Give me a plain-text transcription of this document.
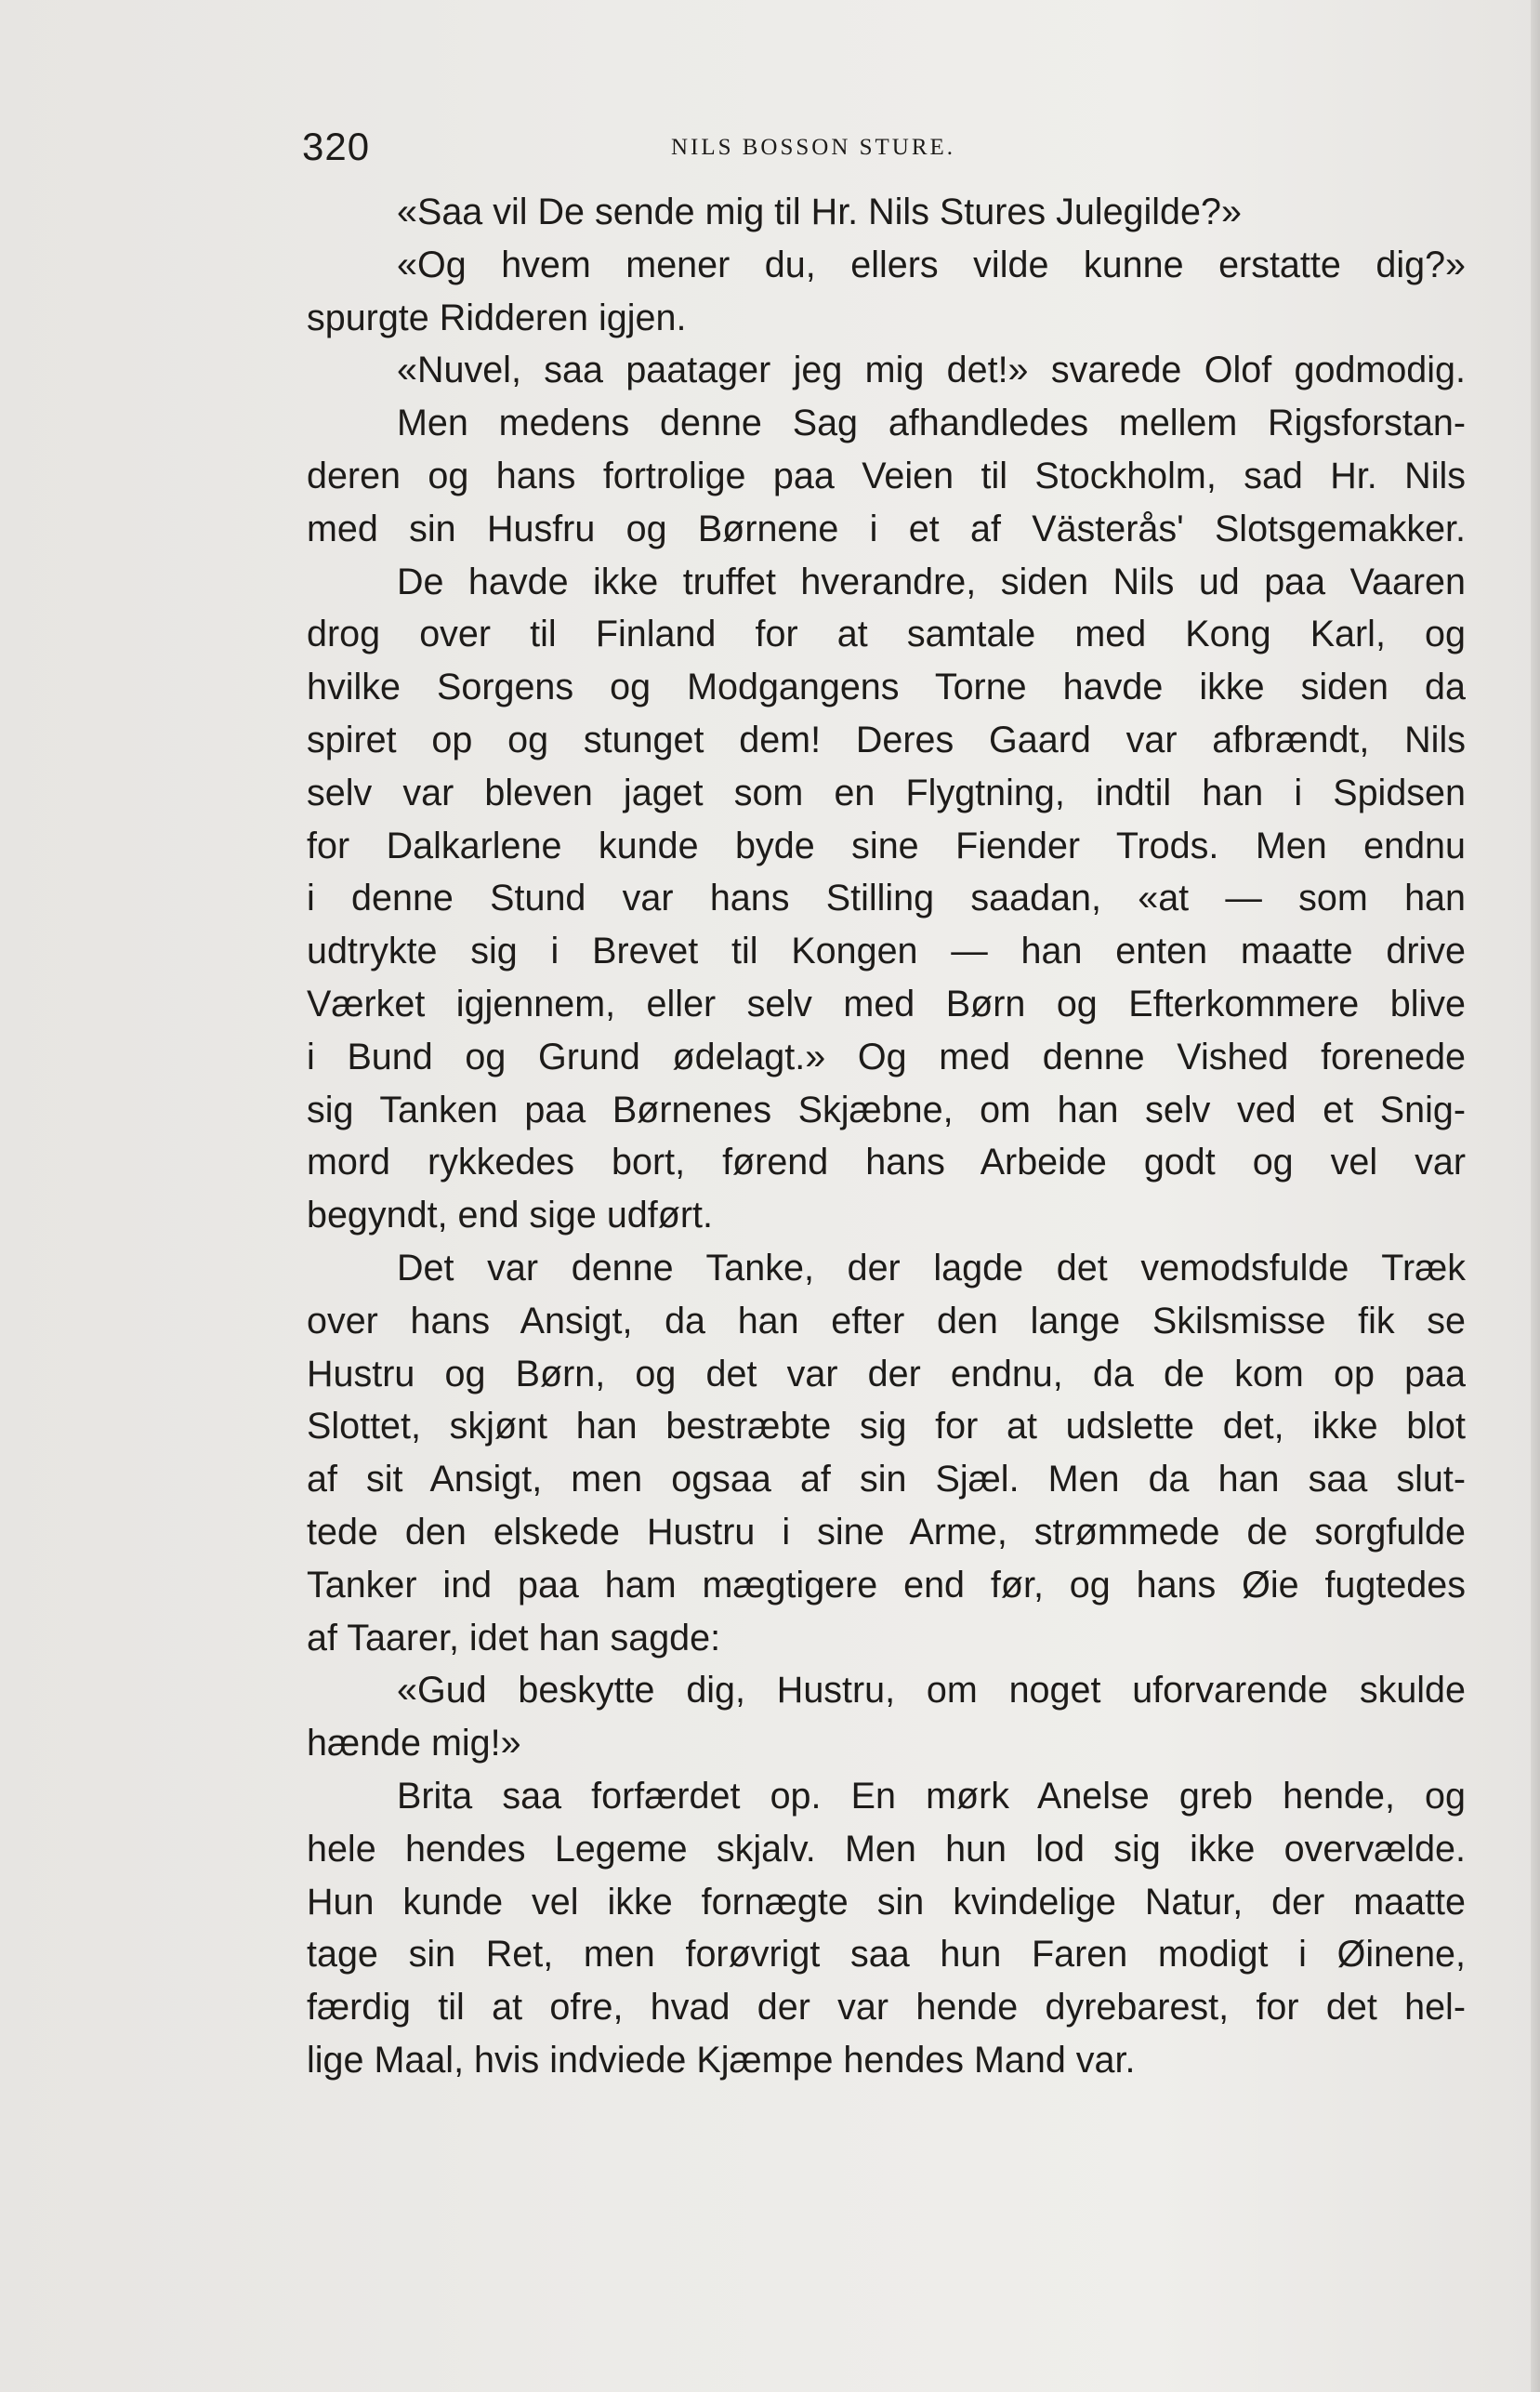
320	NILS BOSSON STURE.
«Saa vil De sende mig til Hr. Nils Stures Julegilde?»
«Og hvem mener du, ellers vilde kunne erstatte dig?»
spurgte Ridderen igjen.
«Nuvel, saa paatager jeg mig det!» svarede Olof godmodig.
Men medens denne Sag afhandledes mellem Rigsforstan-
deren og hans fortrolige paa Veien til Stockholm, sad Hr. Nils
med sin Husfru og Børnene i et af Västerås' Slotsgemakker.
De havde ikke truffet hverandre, siden Nils ud paa Vaaren
drog over til Finland for at samtale med Kong Karl, og
hvilke Sorgens og Modgangens Torne havde ikke siden da
spiret op og stunget dem! Deres Gaard var afbrændt, Nils
selv var bleven jaget som en Flygtning, indtil han i Spidsen
for Dalkarlene kunde byde sine Fiender Trods. Men endnu
i denne Stund var hans Stilling saadan, «at — som han
udtrykte sig i Brevet til Kongen — han enten maatte drive
Værket igjennem, eller selv med Børn og Efterkommere blive
i Bund og Grund ødelagt.» Og med denne Vished forenede
sig Tanken paa Børnenes Skjæbne, om han selv ved et Snig-
mord rykkedes bort, førend hans Arbeide godt og vel var
begyndt, end sige udført.
Det var denne Tanke, der lagde det vemodsfulde Træk
over hans Ansigt, da han efter den lange Skilsmisse fik se
Hustru og Børn, og det var der endnu, da de kom op paa
Slottet, skjønt han bestræbte sig for at udslette det, ikke blot
af sit Ansigt, men ogsaa af sin Sjæl. Men da han saa slut-
tede den elskede Hustru i sine Arme, strømmede de sorgfulde
Tanker ind paa ham mægtigere end før, og hans Øie fugtedes
af Taarer, idet han sagde:
«Gud beskytte dig, Hustru, om noget uforvarende skulde
hænde mig!»
Brita saa forfærdet op. En mørk Anelse greb hende, og
hele hendes Legeme skjalv. Men hun lod sig ikke overvælde.
Hun kunde vel ikke fornægte sin kvindelige Natur, der maatte
tage sin Ret, men forøvrigt saa hun Faren modigt i Øinene,
færdig til at ofre, hvad der var hende dyrebarest, for det hel-
lige Maal, hvis indviede Kjæmpe hendes Mand var.
